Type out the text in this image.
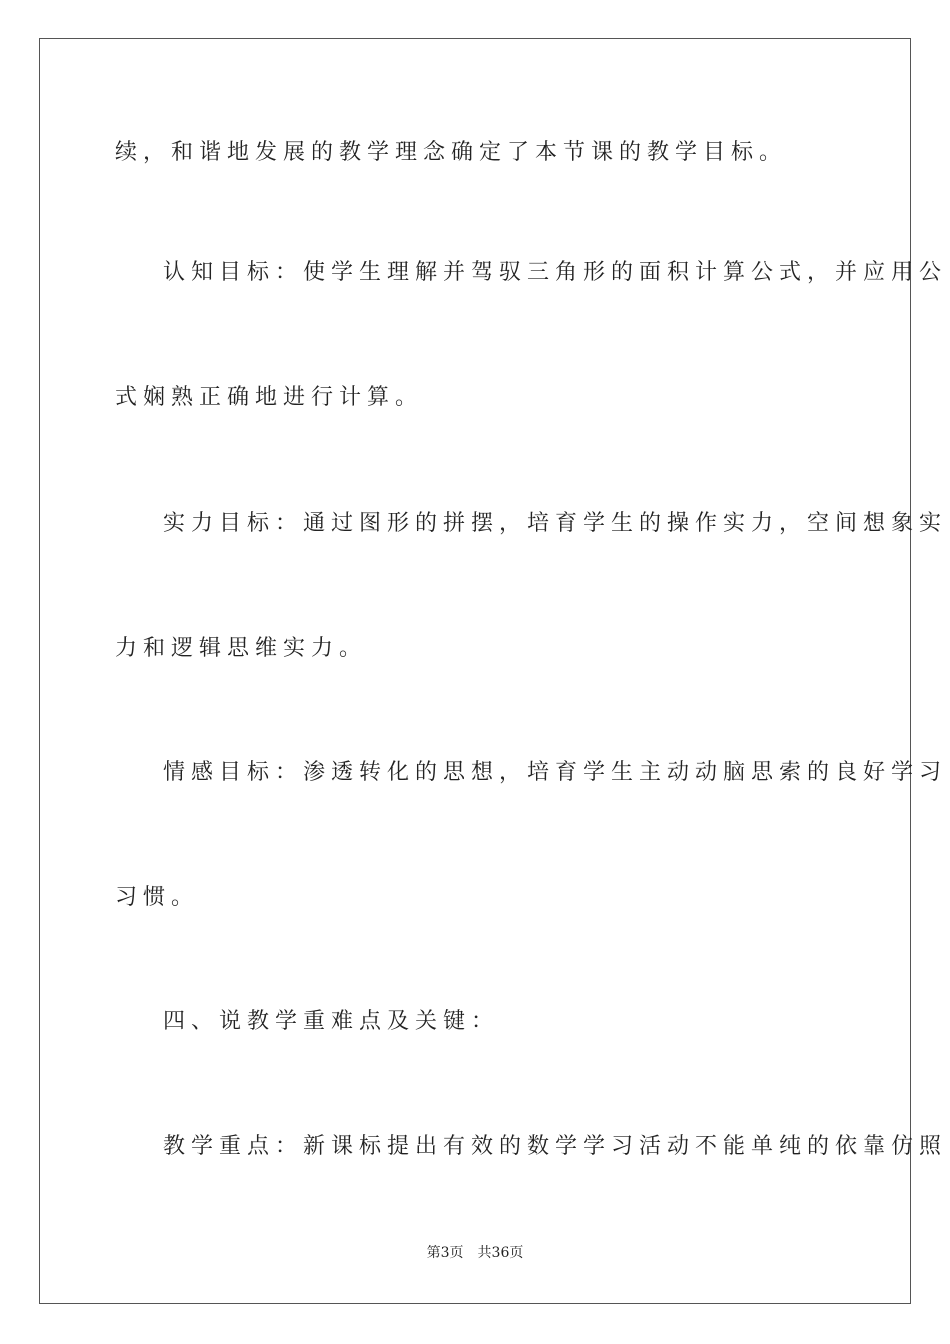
续，和谐地发展的教学理念确定了本节课的教学目标。
认知目标：使学生理解并驾驭三角形的面积计算公式，并应用公
式娴熟正确地进行计算。
实力目标：通过图形的拼摆，培育学生的操作实力，空间想象实
力和逻辑思维实力。
情感目标：渗透转化的思想，培育学生主动动脑思索的良好学习
习惯。
四、说教学重难点及关键：
教学重点：新课标提出有效的数学学习活动不能单纯的依靠仿照
第3页 共36页
